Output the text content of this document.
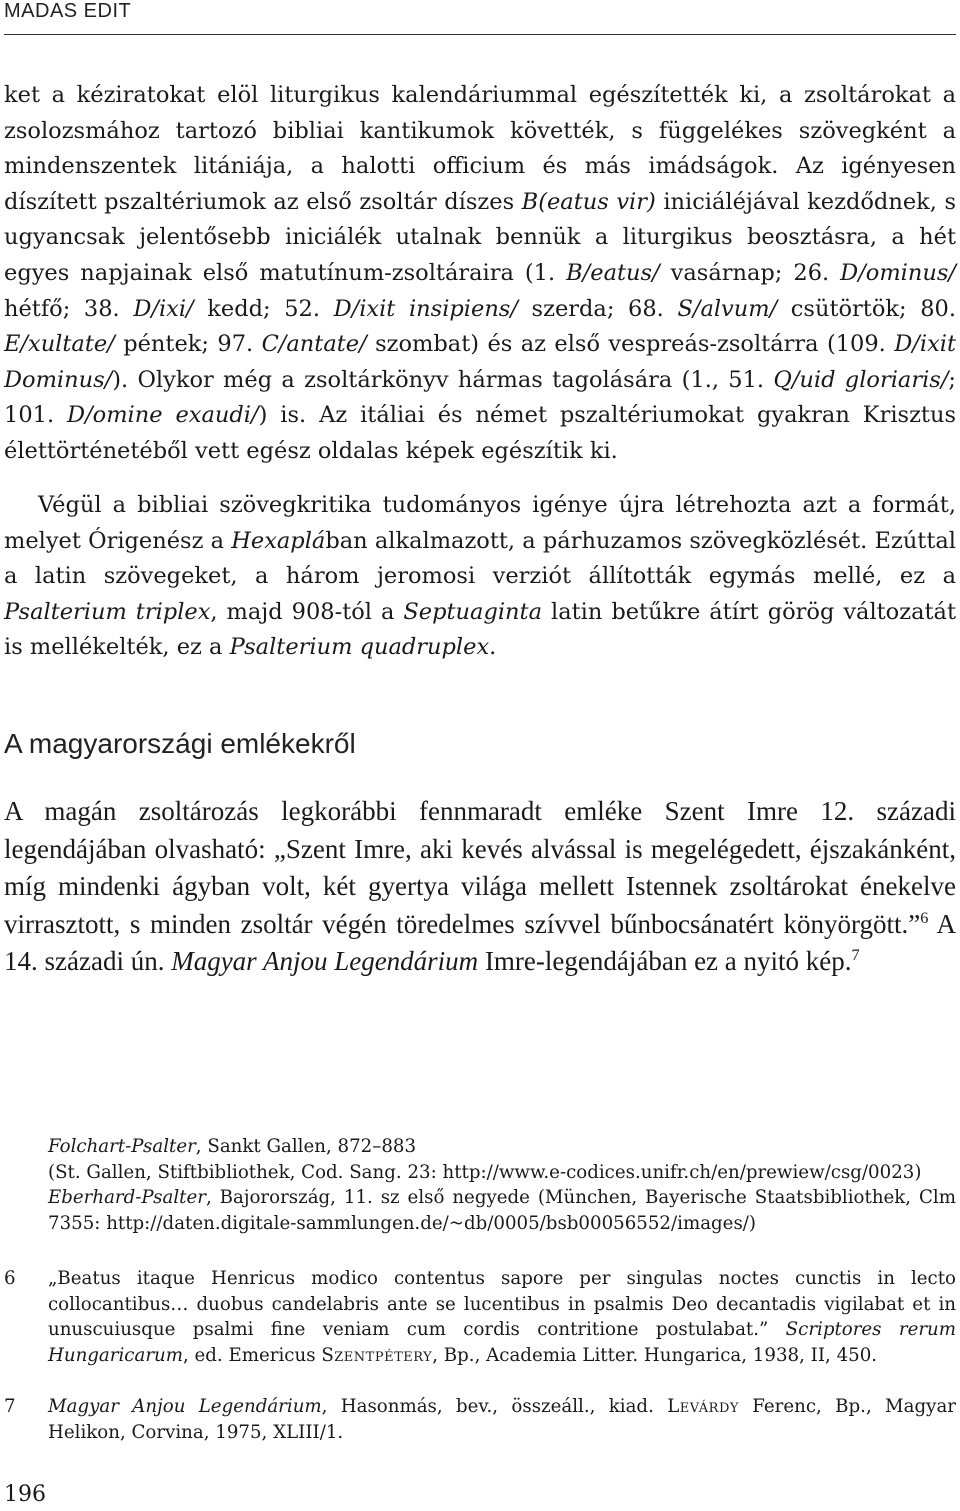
MADAS EDIT

ket a kéziratokat elöl liturgikus kalendáriummal egészítették ki, a zsoltárokat a zsolozsmához tartozó bibliai kantikumok követték, s függelékes szövegként a mindenszentek litániája, a halotti officium és más imádságok. Az igényesen díszített pszaltériumok az első zsoltár díszes B(eatus vir) iniciáléjával kezdődnek, s ugyancsak jelentősebb iniciálék utalnak bennük a liturgikus beosztásra, a hét egyes napjainak első matutínum-zsoltáraira (1. B/eatus/ vasárnap; 26. D/ominus/ hétfő; 38. D/ixi/ kedd; 52. D/ixit insipiens/ szerda; 68. S/alvum/ csütörtök; 80. E/xultate/ péntek; 97. C/antate/ szombat) és az első vespreás-zsoltárra (109. D/ixit Dominus/). Olykor még a zsoltárkönyv hármas tagolására (1., 51. Q/uid gloriaris/; 101. D/omine exaudi/) is. Az itáliai és német pszaltériumokat gyakran Krisztus élettörténetéből vett egész oldalas képek egészítik ki.

Végül a bibliai szövegkritika tudományos igénye újra létrehozta azt a formát, melyet Órigenész a Hexaplában alkalmazott, a párhuzamos szövegközlését. Ezúttal a latin szövegeket, a három jeromosi verziót állították egymás mellé, ez a Psalterium triplex, majd 908-tól a Septuaginta latin betűkre átírt görög változatát is mellékelték, ez a Psalterium quadruplex.

A magyarországi emlékekről

A magán zsoltározás legkorábbi fennmaradt emléke Szent Imre 12. századi legendájában olvasható: „Szent Imre, aki kevés alvással is megelégedett, éjszakánként, míg mindenki ágyban volt, két gyertya világa mellett Istennek zsoltárokat énekelve virrasztott, s minden zsoltár végén töredelmes szívvel bűnbocsánatért könyörgött.”$^6$ A 14. századi ún. Magyar Anjou Legendárium Imre-legendájában ez a nyitó kép.$^7$

Folchart-Psalter, Sankt Gallen, 872–883
(St. Gallen, Stiftbibliothek, Cod. Sang. 23: http://www.e-codices.unifr.ch/en/prewiew/csg/0023)
Eberhard-Psalter, Bajorország, 11. sz első negyede (München, Bayerische Staatsbibliothek, Clm 7355: http://daten.digitale-sammlungen.de/~db/0005/bsb00056552/images/)

6 „Beatus itaque Henricus modico contentus sapore per singulas noctes cunctis in lecto collocantibus… duobus candelabris ante se lucentibus in psalmis Deo decantadis vigilabat et in unuscuiusque psalmi fine veniam cum cordis contritione postulabat.” Scriptores rerum Hungaricarum, ed. Emericus Szentpétery, Bp., Academia Litter. Hungarica, 1938, II, 450.

7 Magyar Anjou Legendárium, Hasonmás, bev., összeáll., kiad. Levárdy Ferenc, Bp., Magyar Helikon, Corvina, 1975, XLIII/1.

196
